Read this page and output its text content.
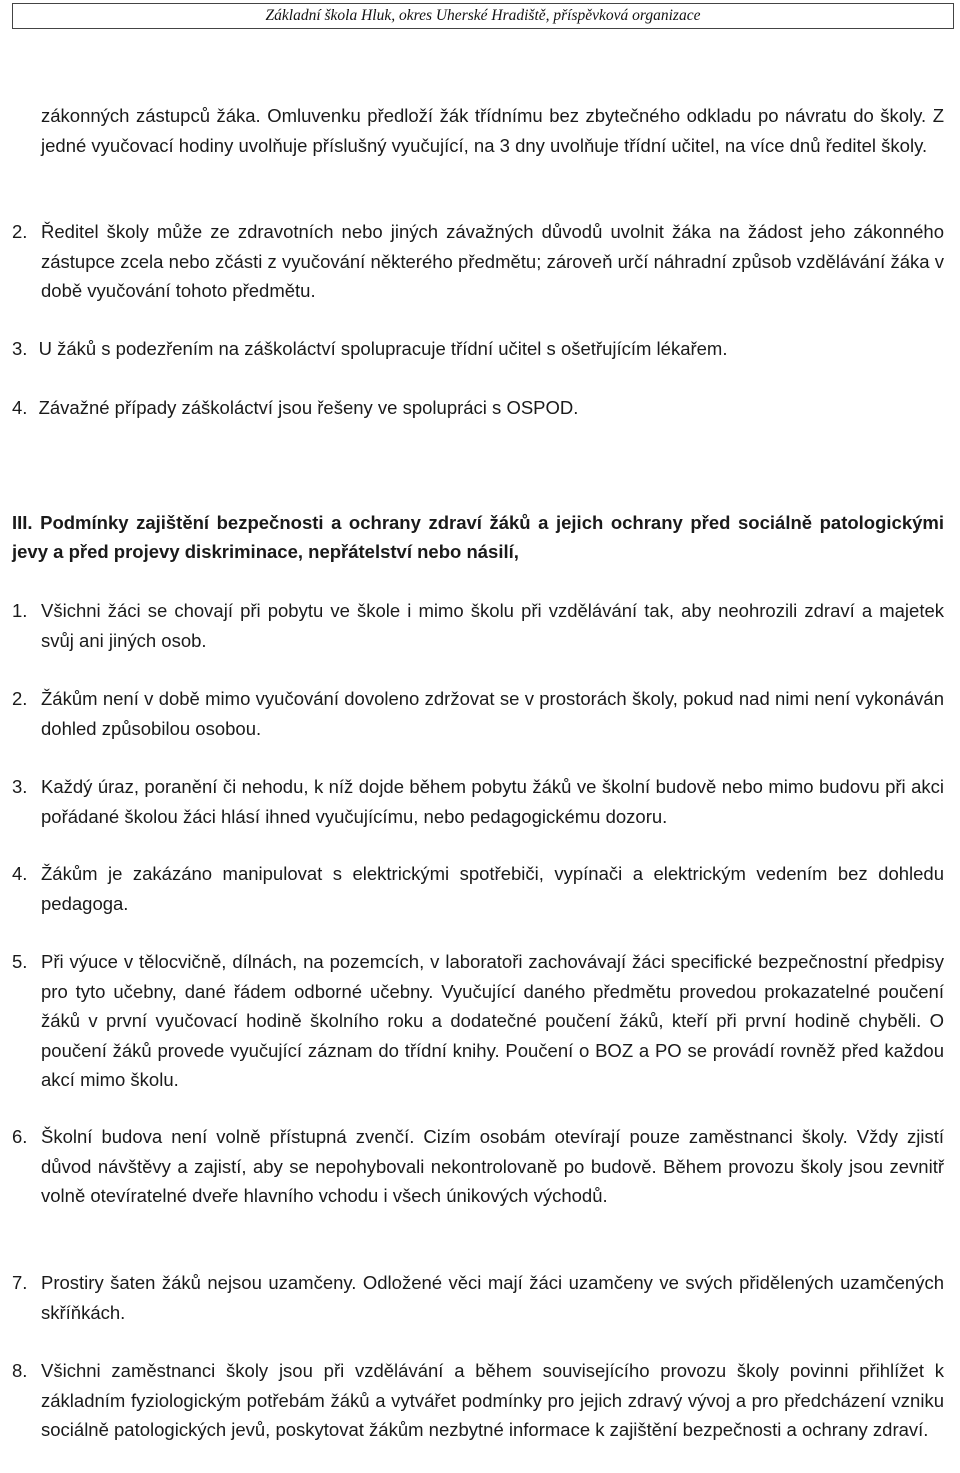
Základní škola Hluk, okres Uherské Hradiště, příspěvková organizace

zákonných zástupců žáka. Omluvenku předloží žák třídnímu bez zbytečného odkladu po návratu do školy. Z jedné vyučovací hodiny uvolňuje příslušný vyučující, na 3 dny uvolňuje třídní učitel, na více dnů ředitel školy.

2. Ředitel školy může ze zdravotních nebo jiných závažných důvodů uvolnit žáka na žádost jeho zákonného zástupce zcela nebo zčásti z vyučování některého předmětu; zároveň určí náhradní způsob vzdělávání žáka v době vyučování tohoto předmětu.

3. U žáků s podezřením na záškoláctví spolupracuje třídní učitel s ošetřujícím lékařem.

4. Závažné případy záškoláctví jsou řešeny ve spolupráci s OSPOD.

III. Podmínky zajištění bezpečnosti a ochrany zdraví žáků a jejich ochrany před sociálně patologickými jevy a před projevy diskriminace, nepřátelství nebo násilí,

1. Všichni žáci se chovají při pobytu ve škole i mimo školu při vzdělávání tak, aby neohrozili zdraví a majetek svůj ani jiných osob.

2. Žákům není v době mimo vyučování dovoleno zdržovat se v prostorách školy, pokud nad nimi není vykonáván dohled způsobilou osobou.

3. Každý úraz, poranění či nehodu, k níž dojde během pobytu žáků ve školní budově nebo mimo budovu při akci pořádané školou žáci hlásí ihned vyučujícímu, nebo pedagogickému dozoru.

4. Žákům je zakázáno manipulovat s elektrickými spotřebiči, vypínači a elektrickým vedením bez dohledu pedagoga.

5. Při výuce v tělocvičně, dílnách, na pozemcích, v laboratoři zachovávají žáci specifické bezpečnostní předpisy pro tyto učebny, dané řádem odborné učebny. Vyučující daného předmětu provedou prokazatelné poučení žáků v první vyučovací hodině školního roku a dodatečné poučení žáků, kteří při první hodině chyběli. O poučení žáků provede vyučující záznam do třídní knihy. Poučení o BOZ a PO se provádí rovněž před každou akcí mimo školu.

6. Školní budova není volně přístupná zvenčí. Cizím osobám otevírají pouze zaměstnanci školy. Vždy zjistí důvod návštěvy a zajistí, aby se nepohybovali nekontrolovaně po budově. Během provozu školy jsou zevnitř volně otevíratelné dveře hlavního vchodu i všech únikových východů.

7. Prostiry šaten žáků nejsou uzamčeny. Odložené věci mají žáci uzamčeny ve svých přidělených uzamčených skříňkách.

8. Všichni zaměstnanci školy jsou při vzdělávání a během souvisejícího provozu školy povinni přihlížet k základním fyziologickým potřebám žáků a vytvářet podmínky pro jejich zdravý vývoj a pro předcházení vzniku sociálně patologických jevů, poskytovat žákům nezbytné informace k zajištění bezpečnosti a ochrany zdraví.
